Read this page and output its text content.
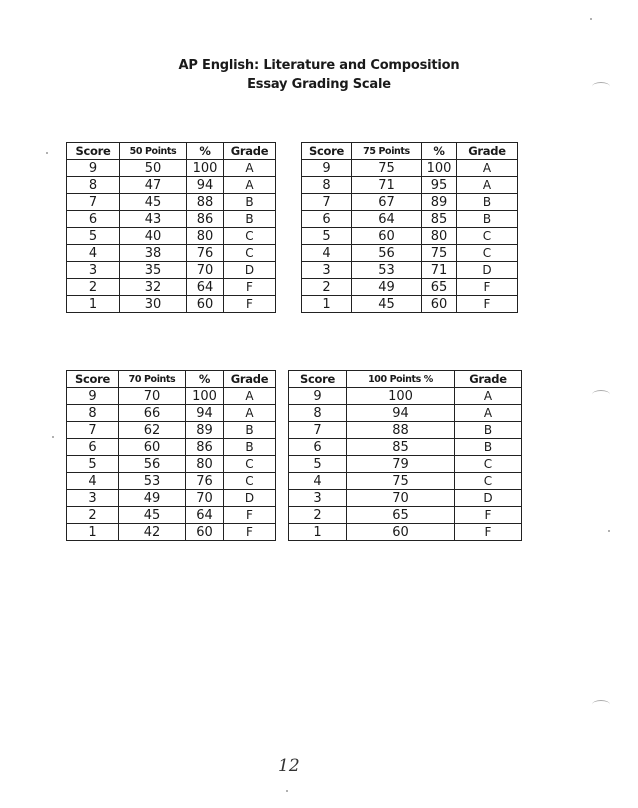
AP English: Literature and Composition
Essay Grading Scale
Score	50 Points	%	Grade
9	50	100	A
8	47	94	A
7	45	88	B
6	43	86	B
5	40	80	C
4	38	76	C
3	35	70	D
2	32	64	F
1	30	60	F
Score	75 Points	%	Grade
9	75	100	A
8	71	95	A
7	67	89	B
6	64	85	B
5	60	80	C
4	56	75	C
3	53	71	D
2	49	65	F
1	45	60	F
Score	70 Points	%	Grade
9	70	100	A
8	66	94	A
7	62	89	B
6	60	86	B
5	56	80	C
4	53	76	C
3	49	70	D
2	45	64	F
1	42	60	F
Score	100 Points %	Grade
9	100	A
8	94	A
7	88	B
6	85	B
5	79	C
4	75	C
3	70	D
2	65	F
1	60	F
12
